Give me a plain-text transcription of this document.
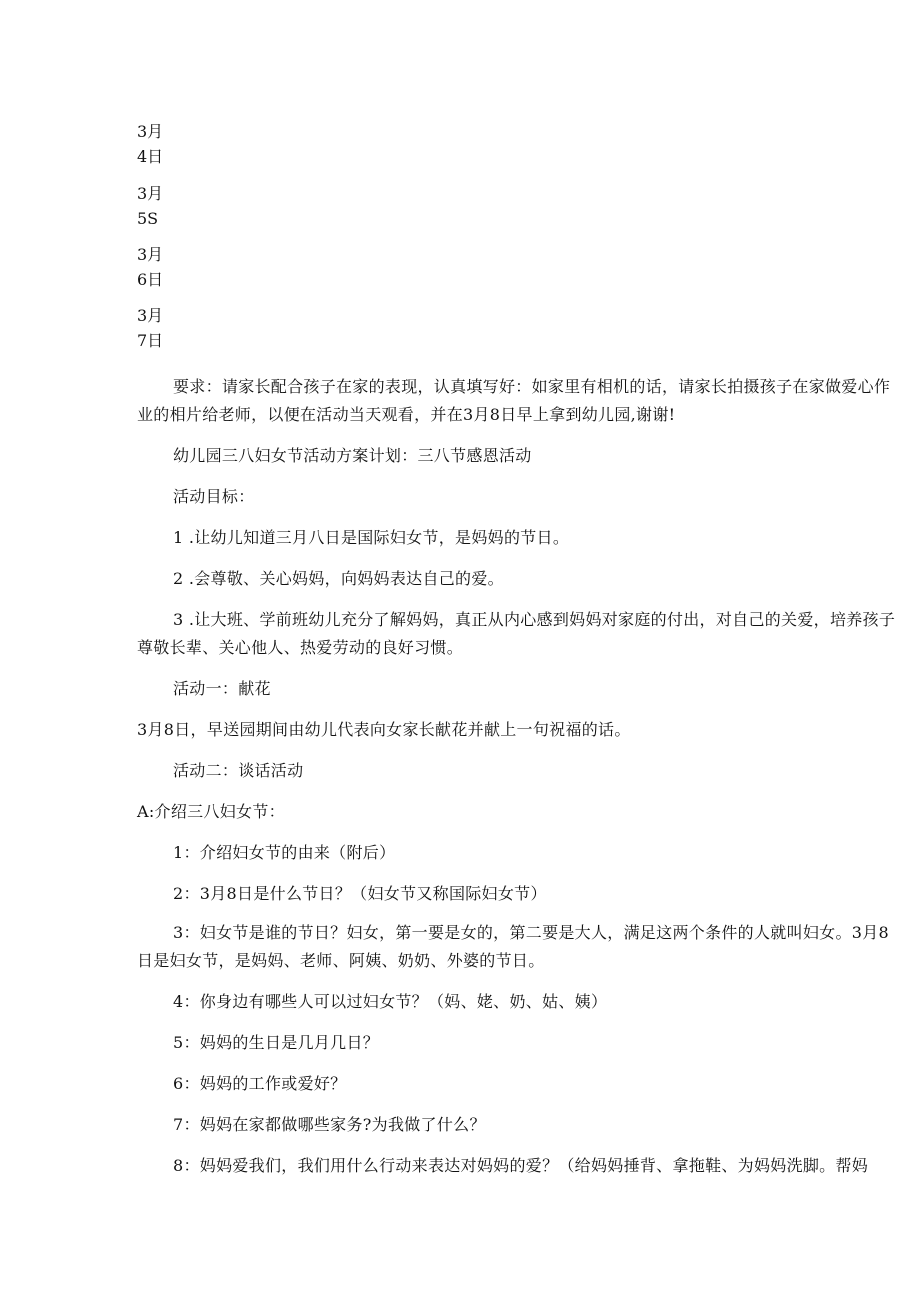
3月
4日
3月
5S
3月
6日
3月
7日
要求：请家长配合孩子在家的表现，认真填写好：如家里有相机的话，请家长拍摄孩子在家做爱心作业的相片给老师，以便在活动当天观看，并在3月8日早上拿到幼儿园,谢谢!
幼儿园三八妇女节活动方案计划：三八节感恩活动
活动目标：
1 .让幼儿知道三月八日是国际妇女节，是妈妈的节日。
2 .会尊敬、关心妈妈，向妈妈表达自己的爱。
3 .让大班、学前班幼儿充分了解妈妈，真正从内心感到妈妈对家庭的付出，对自己的关爱，培养孩子尊敬长辈、关心他人、热爱劳动的良好习惯。
活动一：献花
3月8日，早送园期间由幼儿代表向女家长献花并献上一句祝福的话。
活动二：谈话活动
A:介绍三八妇女节：
1：介绍妇女节的由来（附后）
2：3月8日是什么节日？（妇女节又称国际妇女节）
3：妇女节是谁的节日？妇女，第一要是女的，第二要是大人，满足这两个条件的人就叫妇女。3月8日是妇女节，是妈妈、老师、阿姨、奶奶、外婆的节日。
4：你身边有哪些人可以过妇女节？（妈、姥、奶、姑、姨）
5：妈妈的生日是几月几日？
6：妈妈的工作或爱好？
7：妈妈在家都做哪些家务?为我做了什么？
8：妈妈爱我们，我们用什么行动来表达对妈妈的爱？（给妈妈捶背、拿拖鞋、为妈妈洗脚。帮妈
